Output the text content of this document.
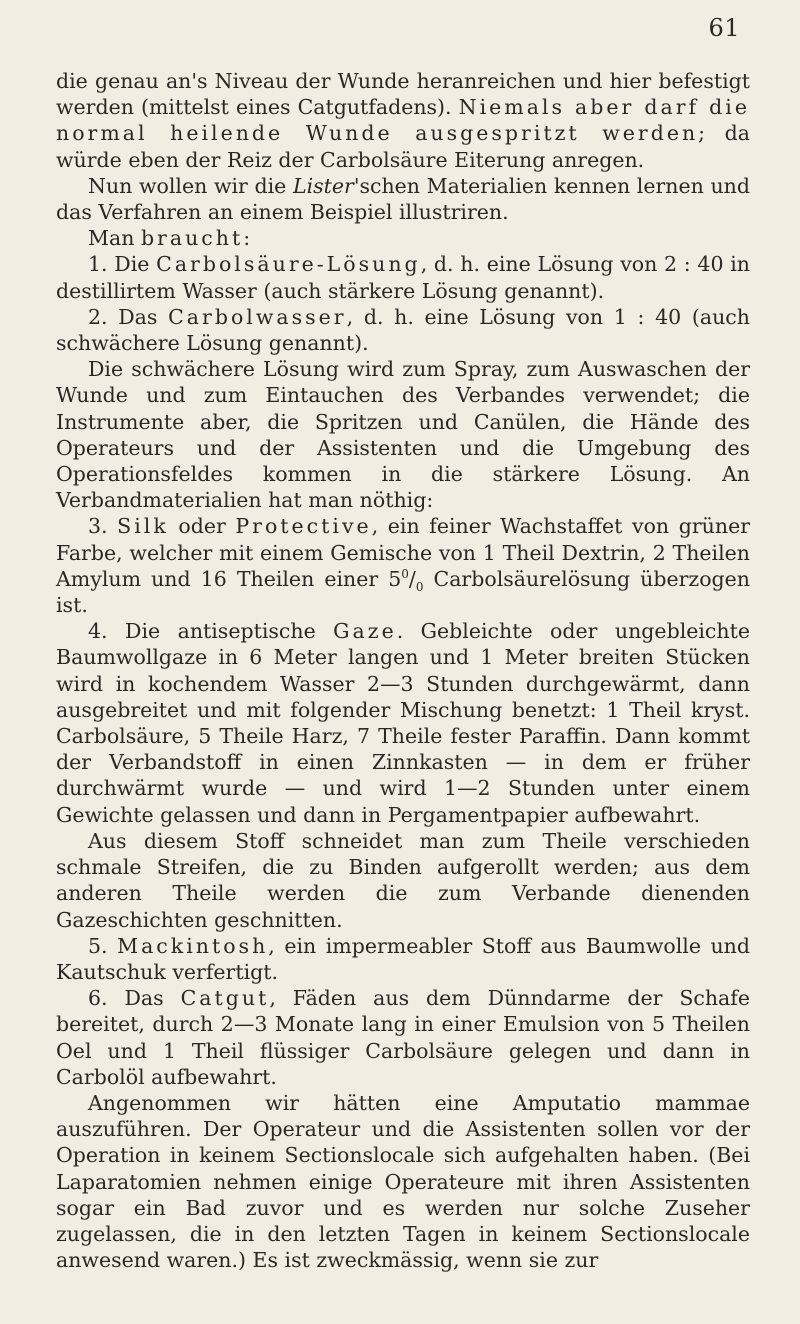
61

die genau an's Niveau der Wunde heranreichen und hier befestigt werden (mittelst eines Catgutfadens). Niemals aber darf die normal heilende Wunde ausgespritzt werden; da würde eben der Reiz der Carbolsäure Eiterung anregen.

Nun wollen wir die Lister'schen Materialien kennen lernen und das Verfahren an einem Beispiel illustriren.

Man braucht:

1. Die Carbolsäure-Lösung, d. h. eine Lösung von 2 : 40 in destillirtem Wasser (auch stärkere Lösung genannt).

2. Das Carbolwasser, d. h. eine Lösung von 1 : 40 (auch schwächere Lösung genannt).

Die schwächere Lösung wird zum Spray, zum Auswaschen der Wunde und zum Eintauchen des Verbandes verwendet; die Instrumente aber, die Spritzen und Canülen, die Hände des Operateurs und der Assistenten und die Umgebung des Operationsfeldes kommen in die stärkere Lösung. An Verbandmaterialien hat man nöthig:

3. Silk oder Protective, ein feiner Wachstaffet von grüner Farbe, welcher mit einem Gemische von 1 Theil Dextrin, 2 Theilen Amylum und 16 Theilen einer $5^0/_0$ Carbolsäurelösung überzogen ist.

4. Die antiseptische Gaze. Gebleichte oder ungebleichte Baumwollgaze in 6 Meter langen und 1 Meter breiten Stücken wird in kochendem Wasser 2—3 Stunden durchgewärmt, dann ausgebreitet und mit folgender Mischung benetzt: 1 Theil kryst. Carbolsäure, 5 Theile Harz, 7 Theile fester Paraffin. Dann kommt der Verbandstoff in einen Zinnkasten — in dem er früher durchwärmt wurde — und wird 1—2 Stunden unter einem Gewichte gelassen und dann in Pergamentpapier aufbewahrt.

Aus diesem Stoff schneidet man zum Theile verschieden schmale Streifen, die zu Binden aufgerollt werden; aus dem anderen Theile werden die zum Verbande dienenden Gazeschichten geschnitten.

5. Mackintosh, ein impermeabler Stoff aus Baumwolle und Kautschuk verfertigt.

6. Das Catgut, Fäden aus dem Dünndarme der Schafe bereitet, durch 2—3 Monate lang in einer Emulsion von 5 Theilen Oel und 1 Theil flüssiger Carbolsäure gelegen und dann in Carbolöl aufbewahrt.

Angenommen wir hätten eine Amputatio mammae auszuführen. Der Operateur und die Assistenten sollen vor der Operation in keinem Sectionslocale sich aufgehalten haben. (Bei Laparatomien nehmen einige Operateure mit ihren Assistenten sogar ein Bad zuvor und es werden nur solche Zuseher zugelassen, die in den letzten Tagen in keinem Sectionslocale anwesend waren.) Es ist zweckmässig, wenn sie zur
